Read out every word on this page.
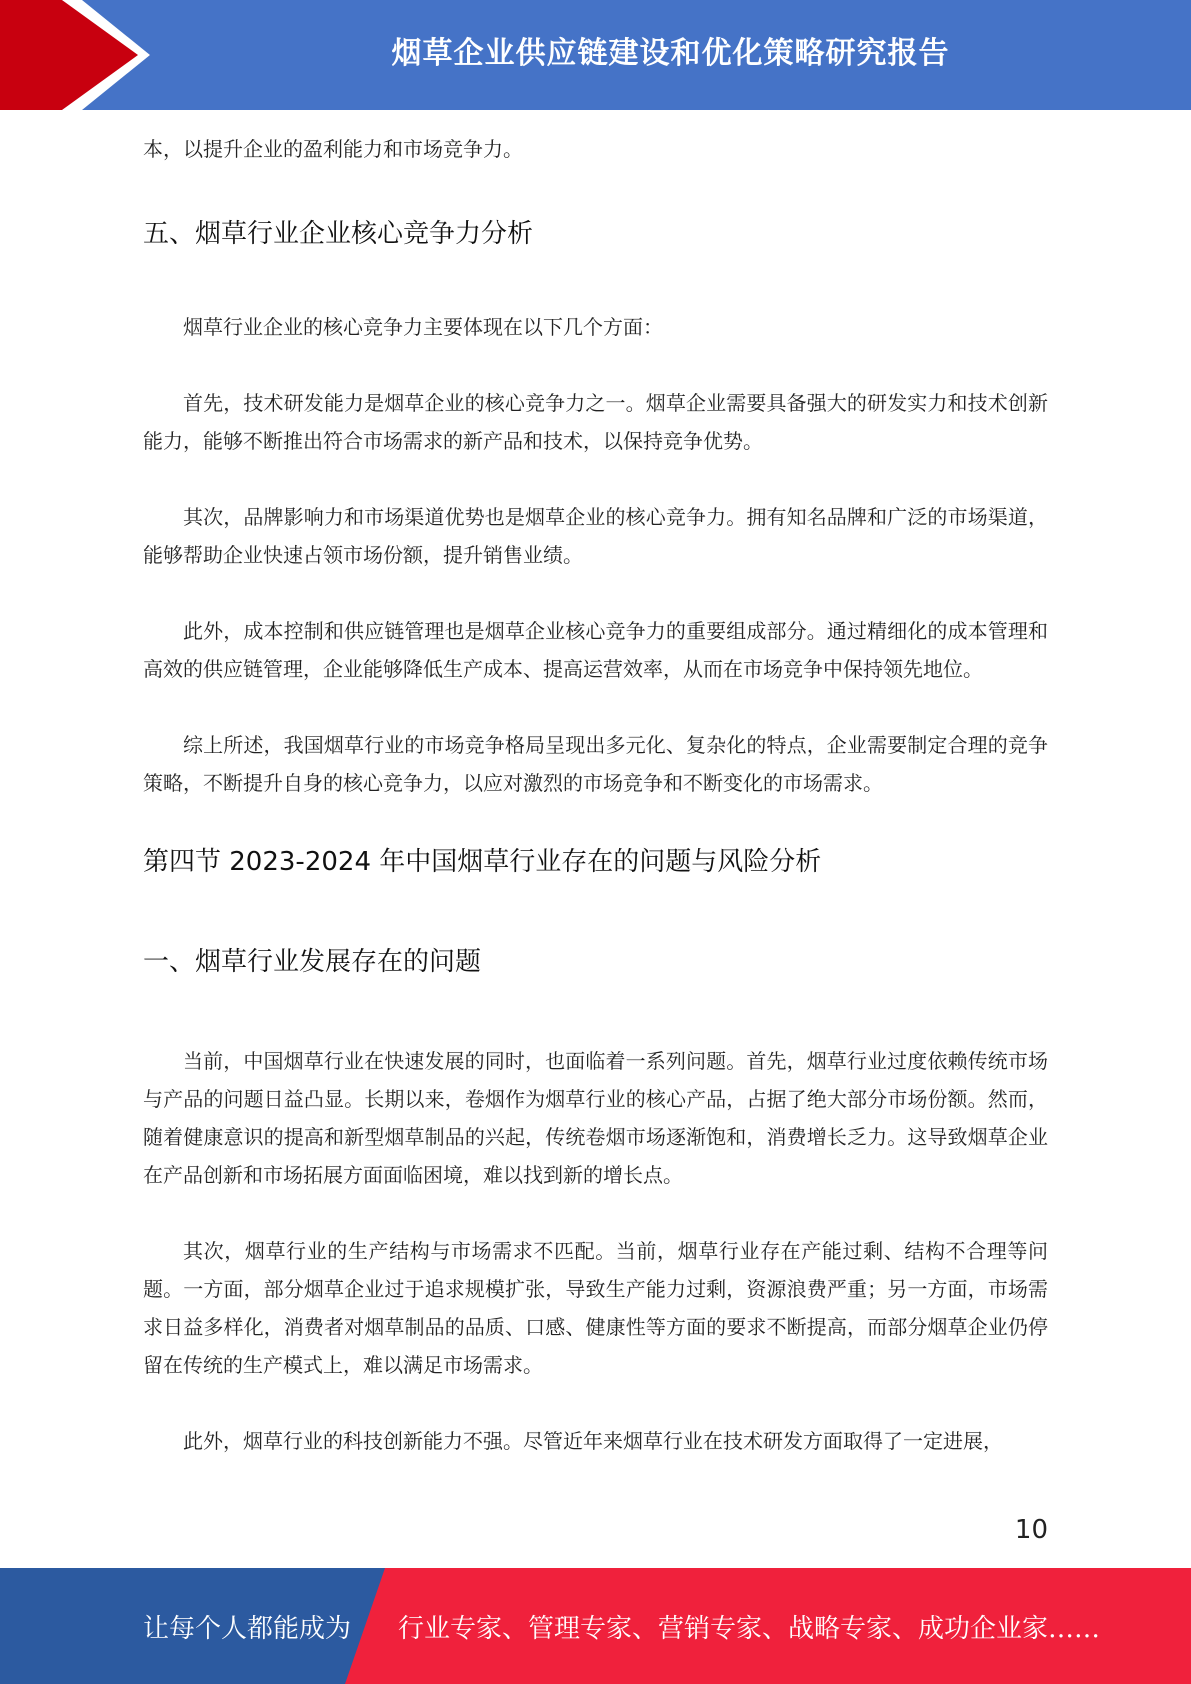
烟草企业供应链建设和优化策略研究报告

本，以提升企业的盈利能力和市场竞争力。

五、烟草行业企业核心竞争力分析

烟草行业企业的核心竞争力主要体现在以下几个方面：

首先，技术研发能力是烟草企业的核心竞争力之一。烟草企业需要具备强大的研发实力和技术创新能力，能够不断推出符合市场需求的新产品和技术，以保持竞争优势。

其次，品牌影响力和市场渠道优势也是烟草企业的核心竞争力。拥有知名品牌和广泛的市场渠道，能够帮助企业快速占领市场份额，提升销售业绩。

此外，成本控制和供应链管理也是烟草企业核心竞争力的重要组成部分。通过精细化的成本管理和高效的供应链管理，企业能够降低生产成本、提高运营效率，从而在市场竞争中保持领先地位。

综上所述，我国烟草行业的市场竞争格局呈现出多元化、复杂化的特点，企业需要制定合理的竞争策略，不断提升自身的核心竞争力，以应对激烈的市场竞争和不断变化的市场需求。

第四节 2023-2024 年中国烟草行业存在的问题与风险分析
一、烟草行业发展存在的问题

当前，中国烟草行业在快速发展的同时，也面临着一系列问题。首先，烟草行业过度依赖传统市场与产品的问题日益凸显。长期以来，卷烟作为烟草行业的核心产品，占据了绝大部分市场份额。然而，随着健康意识的提高和新型烟草制品的兴起，传统卷烟市场逐渐饱和，消费增长乏力。这导致烟草企业在产品创新和市场拓展方面面临困境，难以找到新的增长点。

其次，烟草行业的生产结构与市场需求不匹配。当前，烟草行业存在产能过剩、结构不合理等问题。一方面，部分烟草企业过于追求规模扩张，导致生产能力过剩，资源浪费严重；另一方面，市场需求日益多样化，消费者对烟草制品的品质、口感、健康性等方面的要求不断提高，而部分烟草企业仍停留在传统的生产模式上，难以满足市场需求。

此外，烟草行业的科技创新能力不强。尽管近年来烟草行业在技术研发方面取得了一定进展，

10
让每个人都能成为 行业专家、管理专家、营销专家、战略专家、成功企业家……
